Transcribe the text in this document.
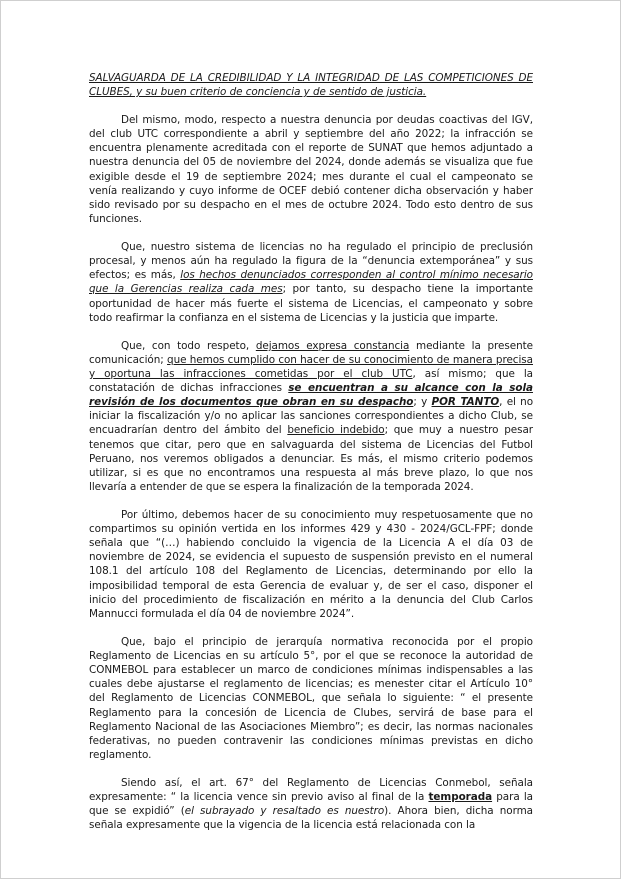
SALVAGUARDA DE LA CREDIBILIDAD Y LA INTEGRIDAD DE LAS COMPETICIONES DE CLUBES, y su buen criterio de conciencia y de sentido de justicia.

Del mismo, modo, respecto a nuestra denuncia por deudas coactivas del IGV, del club UTC correspondiente a abril y septiembre del año 2022; la infracción se encuentra plenamente acreditada con el reporte de SUNAT que hemos adjuntado a nuestra denuncia del 05 de noviembre del 2024, donde además se visualiza que fue exigible desde el 19 de septiembre 2024; mes durante el cual el campeonato se venía realizando y cuyo informe de OCEF debió contener dicha observación y haber sido revisado por su despacho en el mes de octubre 2024. Todo esto dentro de sus funciones.

Que, nuestro sistema de licencias no ha regulado el principio de preclusión procesal, y menos aún ha regulado la figura de la “denuncia extemporánea” y sus efectos; es más, los hechos denunciados corresponden al control mínimo necesario que la Gerencias realiza cada mes; por tanto, su despacho tiene la importante oportunidad de hacer más fuerte el sistema de Licencias, el campeonato y sobre todo reafirmar la confianza en el sistema de Licencias y la justicia que imparte.

Que, con todo respeto, dejamos expresa constancia mediante la presente comunicación; que hemos cumplido con hacer de su conocimiento de manera precisa y oportuna las infracciones cometidas por el club UTC, así mismo; que la constatación de dichas infracciones se encuentran a su alcance con la sola revisión de los documentos que obran en su despacho; y POR TANTO, el no iniciar la fiscalización y/o no aplicar las sanciones correspondientes a dicho Club, se encuadrarían dentro del ámbito del beneficio indebido; que muy a nuestro pesar tenemos que citar, pero que en salvaguarda del sistema de Licencias del Futbol Peruano, nos veremos obligados a denunciar. Es más, el mismo criterio podemos utilizar, si es que no encontramos una respuesta al más breve plazo, lo que nos llevaría a entender de que se espera la finalización de la temporada 2024.

Por último, debemos hacer de su conocimiento muy respetuosamente que no compartimos su opinión vertida en los informes 429 y 430 - 2024/GCL-FPF; donde señala que “(…) habiendo concluido la vigencia de la Licencia A el día 03 de noviembre de 2024, se evidencia el supuesto de suspensión previsto en el numeral 108.1 del artículo 108 del Reglamento de Licencias, determinando por ello la imposibilidad temporal de esta Gerencia de evaluar y, de ser el caso, disponer el inicio del procedimiento de fiscalización en mérito a la denuncia del Club Carlos Mannucci formulada el día 04 de noviembre 2024”.

Que, bajo el principio de jerarquía normativa reconocida por el propio Reglamento de Licencias en su artículo 5°, por el que se reconoce la autoridad de CONMEBOL para establecer un marco de condiciones mínimas indispensables a las cuales debe ajustarse el reglamento de licencias; es menester citar el Artículo 10° del Reglamento de Licencias CONMEBOL, que señala lo siguiente: “ el presente Reglamento para la concesión de Licencia de Clubes, servirá de base para el Reglamento Nacional de las Asociaciones Miembro”; es decir, las normas nacionales federativas, no pueden contravenir las condiciones mínimas previstas en dicho reglamento.

Siendo así, el art. 67° del Reglamento de Licencias Conmebol, señala expresamente: “ la licencia vence sin previo aviso al final de la temporada para la que se expidió” (el subrayado y resaltado es nuestro). Ahora bien, dicha norma señala expresamente que la vigencia de la licencia está relacionada con la
